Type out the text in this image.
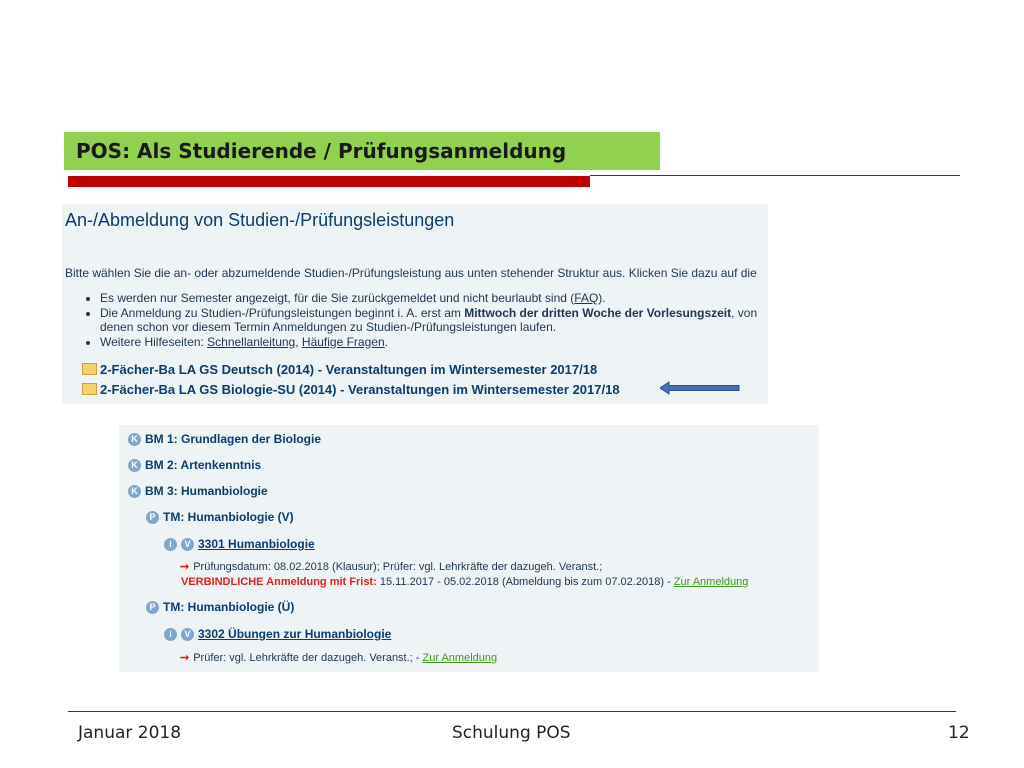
POS: Als Studierende / Prüfungsanmeldung
An-/Abmeldung von Studien-/Prüfungsleistungen
Bitte wählen Sie die an- oder abzumeldende Studien-/Prüfungsleistung aus unten stehender Struktur aus. Klicken Sie dazu auf die
• Es werden nur Semester angezeigt, für die Sie zurückgemeldet und nicht beurlaubt sind (FAQ).
• Die Anmeldung zu Studien-/Prüfungsleistungen beginnt i. A. erst am Mittwoch der dritten Woche der Vorlesungszeit, von
denen schon vor diesem Termin Anmeldungen zu Studien-/Prüfungsleistungen laufen.
• Weitere Hilfeseiten: Schnellanleitung, Häufige Fragen.
2-Fächer-Ba LA GS Deutsch (2014) - Veranstaltungen im Wintersemester 2017/18
2-Fächer-Ba LA GS Biologie-SU (2014) - Veranstaltungen im Wintersemester 2017/18
K BM 1: Grundlagen der Biologie
K BM 2: Artenkenntnis
K BM 3: Humanbiologie
P TM: Humanbiologie (V)
i V 3301 Humanbiologie
➞ Prüfungsdatum: 08.02.2018 (Klausur); Prüfer: vgl. Lehrkräfte der dazugeh. Veranst.;
VERBINDLICHE Anmeldung mit Frist: 15.11.2017 - 05.02.2018 (Abmeldung bis zum 07.02.2018) - Zur Anmeldung
P TM: Humanbiologie (Ü)
i V 3302 Übungen zur Humanbiologie
➞ Prüfer: vgl. Lehrkräfte der dazugeh. Veranst.; - Zur Anmeldung
Januar 2018	Schulung POS	12
